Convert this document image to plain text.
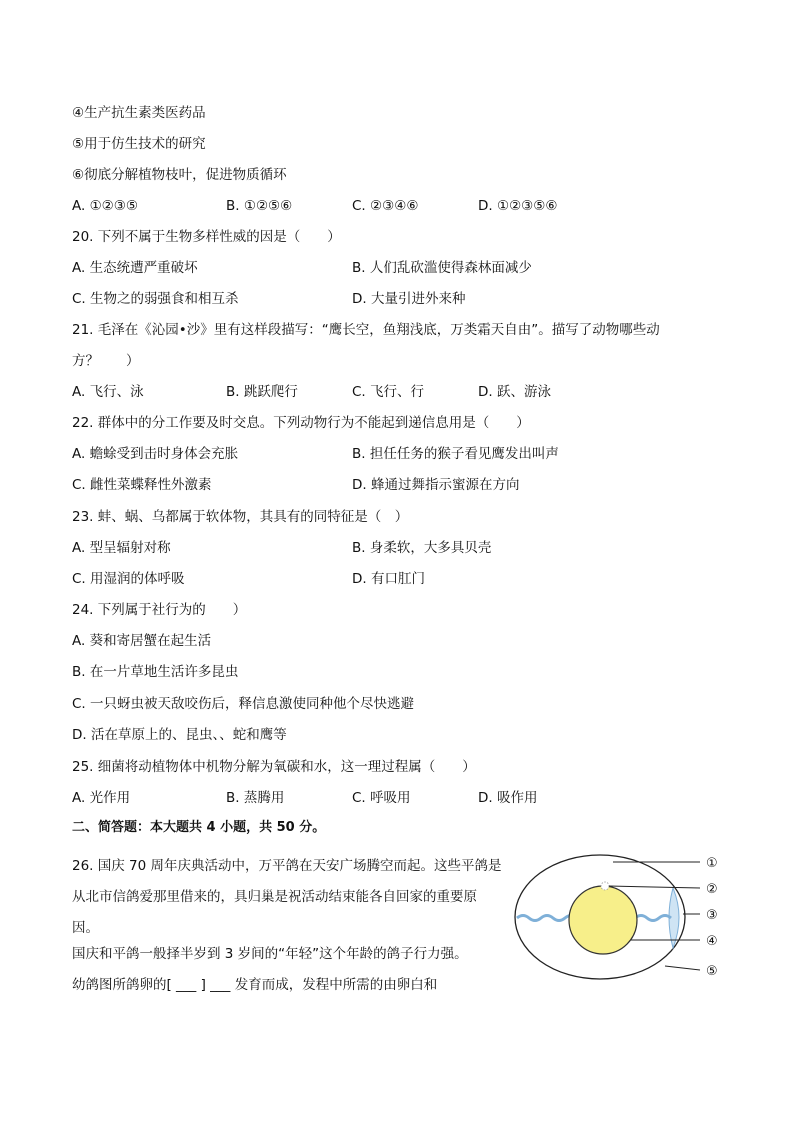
④生产抗生素类医药品
⑤用于仿生技术的研究
⑥彻底分解植物枝叶，促进物质循环
A. ①②③⑤	B. ①②⑤⑥	C. ②③④⑥	D. ①②③⑤⑥
20. 下列不属于生物多样性威的因是（　　）
A. 生态统遭严重破坏	B. 人们乱砍滥使得森林面减少
C. 生物之的弱强食和相互杀	D. 大量引进外来种
21. 毛泽在《沁园•沙》里有这样段描写：“鹰长空，鱼翔浅底，万类霜天自由”。描写了动物哪些动
方？　　）
A. 飞行、泳	B. 跳跃爬行	C. 飞行、行	D. 跃、游泳
22. 群体中的分工作要及时交息。下列动物行为不能起到递信息用是（　　）
A. 蟾蜍受到击时身体会充胀	B. 担任任务的猴子看见鹰发出叫声
C. 雌性菜蝶释性外激素	D. 蜂通过舞指示蜜源在方向
23. 蚌、蜗、乌都属于软体物，其具有的同特征是（　）
A. 型呈辐射对称	B. 身柔软，大多具贝壳
C. 用湿润的体呼吸	D. 有口肛门
24. 下列属于社行为的　　）
A. 葵和寄居蟹在起生活
B. 在一片草地生活许多昆虫
C. 一只蚜虫被天敌咬伤后，释信息激使同种他个尽快逃避
D. 活在草原上的、昆虫、、蛇和鹰等
25. 细菌将动植物体中机物分解为氧碳和水，这一理过程属（　　）
A. 光作用	B. 蒸腾用	C. 呼吸用	D. 吸作用
二、简答题：本大题共 4 小题，共 50 分。
26. 国庆 70 周年庆典活动中，万平鸽在天安广场腾空而起。这些平鸽是从北市信鸽爱那里借来的，具归巢是祝活动结束能各自回家的重要原因。
国庆和平鸽一般择半岁到 3 岁间的“年轻”这个年龄的鸽子行力强。
幼鸽图所鸽卵的[ ___ ] ___ 发育而成，发程中所需的由卵白和
①
②
③
④
⑤
